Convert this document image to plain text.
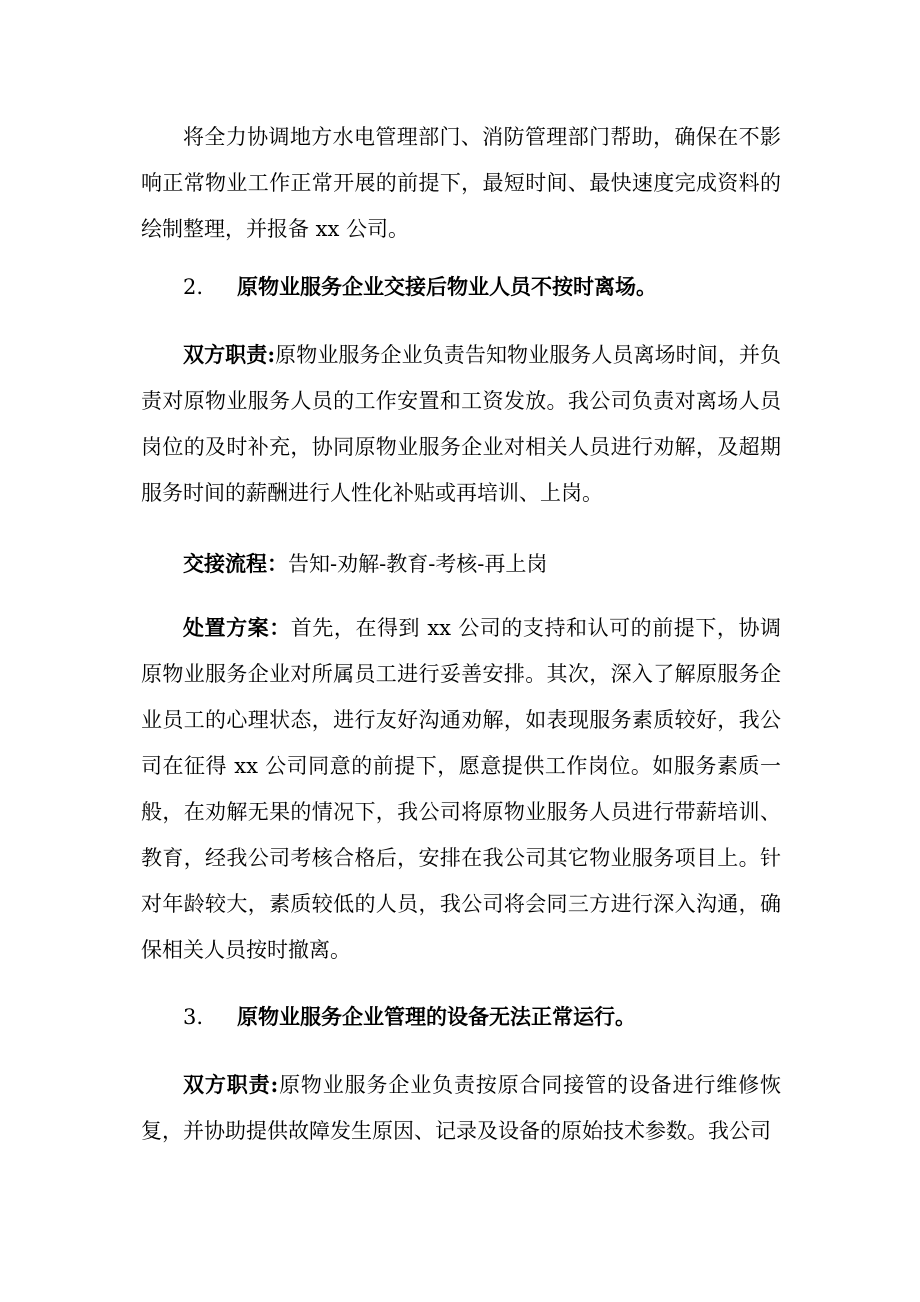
将全力协调地方水电管理部门、消防管理部门帮助，确保在不影响正常物业工作正常开展的前提下，最短时间、最快速度完成资料的绘制整理，并报备 xx 公司。

2. 原物业服务企业交接后物业人员不按时离场。

双方职责:原物业服务企业负责告知物业服务人员离场时间，并负责对原物业服务人员的工作安置和工资发放。我公司负责对离场人员岗位的及时补充，协同原物业服务企业对相关人员进行劝解，及超期服务时间的薪酬进行人性化补贴或再培训、上岗。

交接流程：告知-劝解-教育-考核-再上岗

处置方案：首先，在得到 xx 公司的支持和认可的前提下，协调原物业服务企业对所属员工进行妥善安排。其次，深入了解原服务企业员工的心理状态，进行友好沟通劝解，如表现服务素质较好，我公司在征得 xx 公司同意的前提下，愿意提供工作岗位。如服务素质一般，在劝解无果的情况下，我公司将原物业服务人员进行带薪培训、教育，经我公司考核合格后，安排在我公司其它物业服务项目上。针对年龄较大，素质较低的人员，我公司将会同三方进行深入沟通，确保相关人员按时撤离。

3. 原物业服务企业管理的设备无法正常运行。

双方职责:原物业服务企业负责按原合同接管的设备进行维修恢复，并协助提供故障发生原因、记录及设备的原始技术参数。我公司
